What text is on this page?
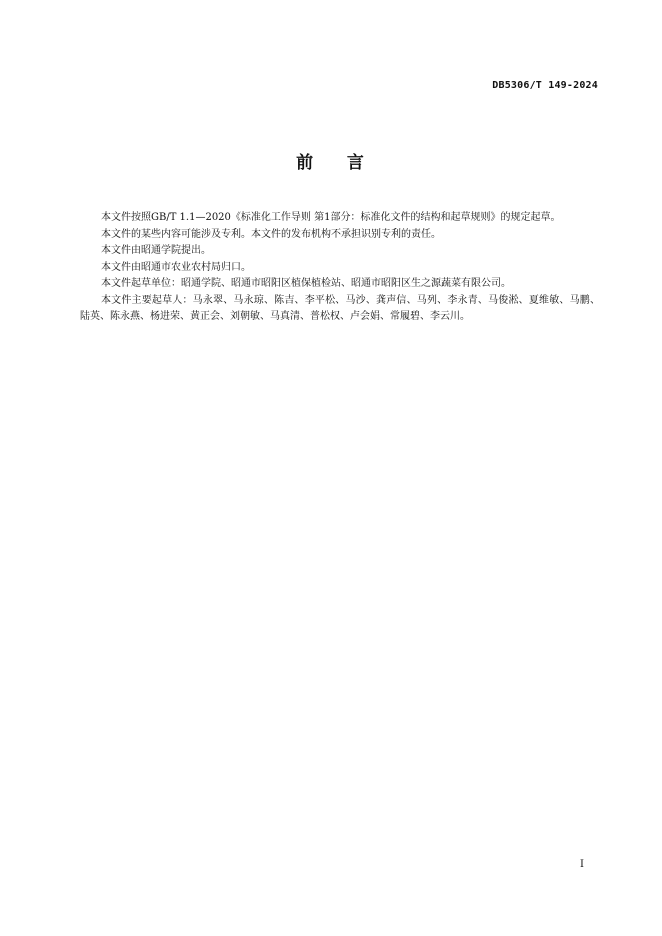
DB5306/T 149-2024
前    言

本文件按照GB/T 1.1—2020《标准化工作导则 第1部分：标准化文件的结构和起草规则》的规定起草。

本文件的某些内容可能涉及专利。本文件的发布机构不承担识别专利的责任。

本文件由昭通学院提出。

本文件由昭通市农业农村局归口。

本文件起草单位：昭通学院、昭通市昭阳区植保植检站、昭通市昭阳区生之源蔬菜有限公司。

本文件主要起草人：马永翠、马永琼、陈吉、李平松、马沙、龚声信、马列、李永青、马俊淞、夏维敏、马鹏、陆英、陈永燕、杨进荣、黄正会、刘朝敏、马真清、普松权、卢会娟、常履碧、李云川。

I
